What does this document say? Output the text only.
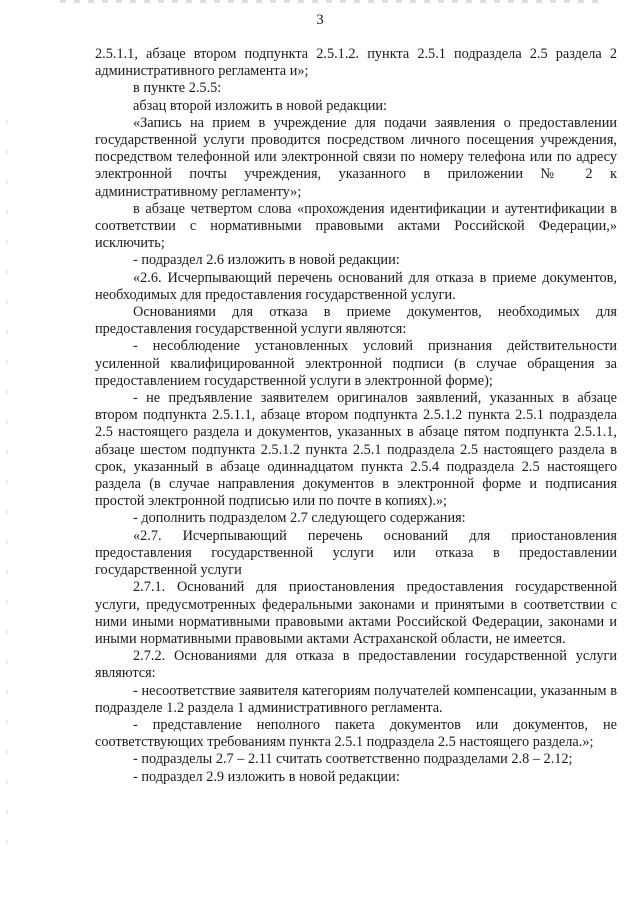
3

2.5.1.1, абзаце втором подпункта 2.5.1.2. пункта 2.5.1 подраздела 2.5 раздела 2 административного регламента и»;

в пункте 2.5.5:

абзац второй изложить в новой редакции:

«Запись на прием в учреждение для подачи заявления о предоставлении государственной услуги проводится посредством личного посещения учреждения, посредством телефонной или электронной связи по номеру телефона или по адресу электронной почты учреждения, указанного в приложении № 2 к административному регламенту»;

в абзаце четвертом слова «прохождения идентификации и аутентификации в соответствии с нормативными правовыми актами Российской Федерации,» исключить;

- подраздел 2.6 изложить в новой редакции:

«2.6. Исчерпывающий перечень оснований для отказа в приеме документов, необходимых для предоставления государственной услуги.

Основаниями для отказа в приеме документов, необходимых для предоставления государственной услуги являются:

- несоблюдение установленных условий признания действительности усиленной квалифицированной электронной подписи (в случае обращения за предоставлением государственной услуги в электронной форме);

- не предъявление заявителем оригиналов заявлений, указанных в абзаце втором подпункта 2.5.1.1, абзаце втором подпункта 2.5.1.2 пункта 2.5.1 подраздела 2.5 настоящего раздела и документов, указанных в абзаце пятом подпункта 2.5.1.1, абзаце шестом подпункта 2.5.1.2 пункта 2.5.1 подраздела 2.5 настоящего раздела в срок, указанный в абзаце одиннадцатом пункта 2.5.4 подраздела 2.5 настоящего раздела (в случае направления документов в электронной форме и подписания простой электронной подписью или по почте в копиях).»;

- дополнить подразделом 2.7 следующего содержания:

«2.7. Исчерпывающий перечень оснований для приостановления предоставления государственной услуги или отказа в предоставлении государственной услуги

2.7.1. Оснований для приостановления предоставления государственной услуги, предусмотренных федеральными законами и принятыми в соответствии с ними иными нормативными правовыми актами Российской Федерации, законами и иными нормативными правовыми актами Астраханской области, не имеется.

2.7.2. Основаниями для отказа в предоставлении государственной услуги являются:

- несоответствие заявителя категориям получателей компенсации, указанным в подразделе 1.2 раздела 1 административного регламента.

- представление неполного пакета документов или документов, не соответствующих требованиям пункта 2.5.1 подраздела 2.5 настоящего раздела.»;

- подразделы 2.7 – 2.11 считать соответственно подразделами 2.8 – 2.12;

- подраздел 2.9 изложить в новой редакции:
